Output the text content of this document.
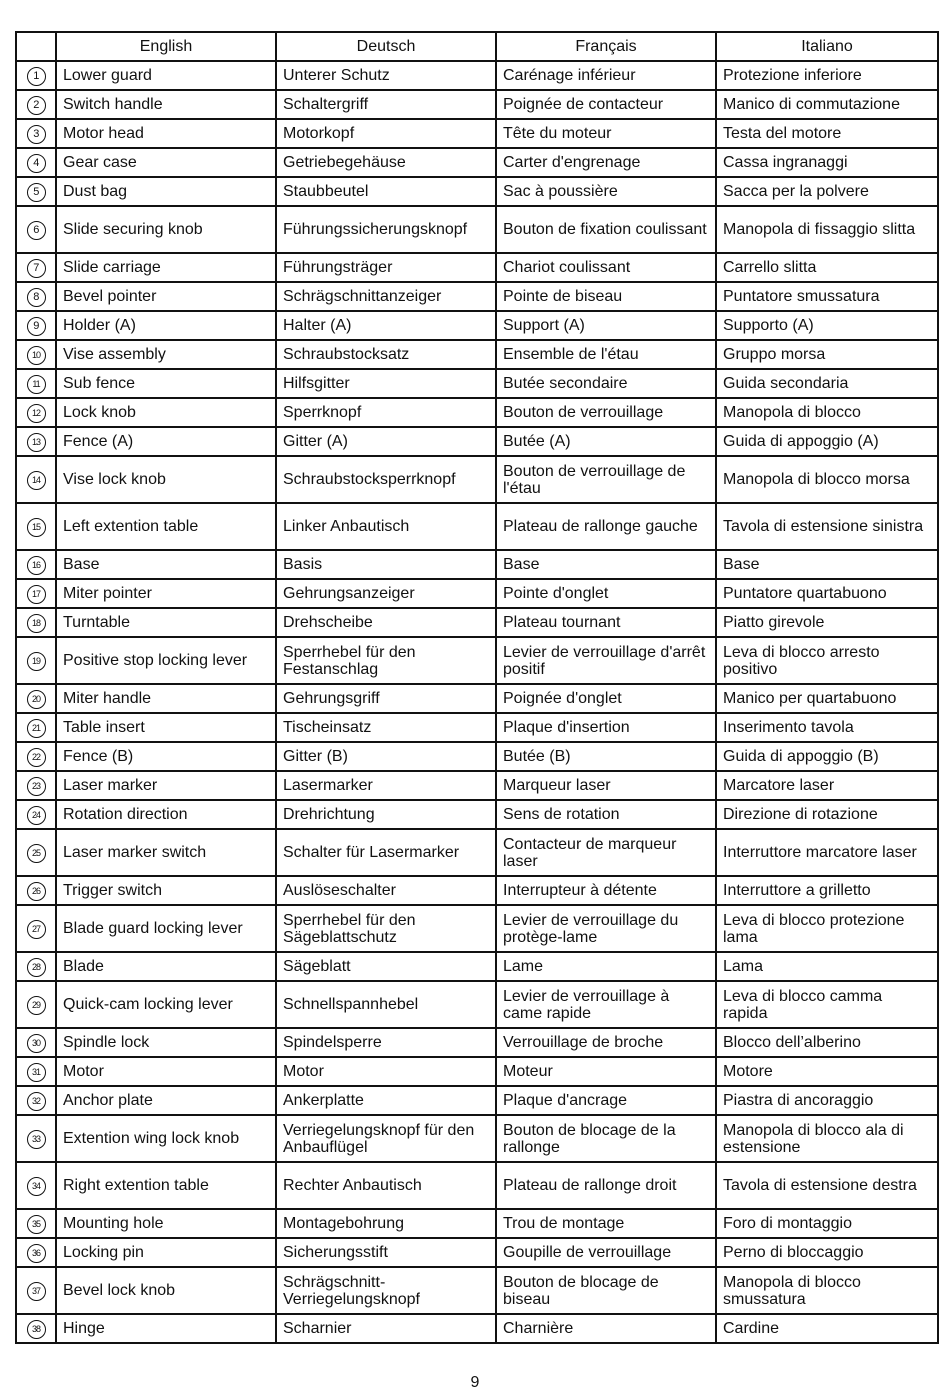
	English	Deutsch	Français	Italiano
1	Lower guard	Unterer Schutz	Carénage inférieur	Protezione inferiore
2	Switch handle	Schaltergriff	Poignée de contacteur	Manico di commutazione
3	Motor head	Motorkopf	Tête du moteur	Testa del motore
4	Gear case	Getriebegehäuse	Carter d'engrenage	Cassa ingranaggi
5	Dust bag	Staubbeutel	Sac à poussière	Sacca per la polvere
6	Slide securing knob	Führungssicherungsknopf	Bouton de fixation coulissant	Manopola di fissaggio slitta
7	Slide carriage	Führungsträger	Chariot coulissant	Carrello slitta
8	Bevel pointer	Schrägschnittanzeiger	Pointe de biseau	Puntatore smussatura
9	Holder (A)	Halter (A)	Support (A)	Supporto (A)
10	Vise assembly	Schraubstocksatz	Ensemble de l'étau	Gruppo morsa
11	Sub fence	Hilfsgitter	Butée secondaire	Guida secondaria
12	Lock knob	Sperrknopf	Bouton de verrouillage	Manopola di blocco
13	Fence (A)	Gitter (A)	Butée (A)	Guida di appoggio (A)
14	Vise lock knob	Schraubstocksperrknopf	Bouton de verrouillage de l'étau	Manopola di blocco morsa
15	Left extention table	Linker Anbautisch	Plateau de rallonge gauche	Tavola di estensione sinistra
16	Base	Basis	Base	Base
17	Miter pointer	Gehrungsanzeiger	Pointe d'onglet	Puntatore quartabuono
18	Turntable	Drehscheibe	Plateau tournant	Piatto girevole
19	Positive stop locking lever	Sperrhebel für den Festanschlag	Levier de verrouillage d'arrêt positif	Leva di blocco arresto positivo
20	Miter handle	Gehrungsgriff	Poignée d'onglet	Manico per quartabuono
21	Table insert	Tischeinsatz	Plaque d'insertion	Inserimento tavola
22	Fence (B)	Gitter (B)	Butée (B)	Guida di appoggio (B)
23	Laser marker	Lasermarker	Marqueur laser	Marcatore laser
24	Rotation direction	Drehrichtung	Sens de rotation	Direzione di rotazione
25	Laser marker switch	Schalter für Lasermarker	Contacteur de marqueur laser	Interruttore marcatore laser
26	Trigger switch	Auslöseschalter	Interrupteur à détente	Interruttore a grilletto
27	Blade guard locking lever	Sperrhebel für den Sägeblattschutz	Levier de verrouillage du protège-lame	Leva di blocco protezione lama
28	Blade	Sägeblatt	Lame	Lama
29	Quick-cam locking lever	Schnellspannhebel	Levier de verrouillage à came rapide	Leva di blocco camma rapida
30	Spindle lock	Spindelsperre	Verrouillage de broche	Blocco dell’alberino
31	Motor	Motor	Moteur	Motore
32	Anchor plate	Ankerplatte	Plaque d'ancrage	Piastra di ancoraggio
33	Extention wing lock knob	Verriegelungsknopf für den Anbauflügel	Bouton de blocage de la rallonge	Manopola di blocco ala di estensione
34	Right extention table	Rechter Anbautisch	Plateau de rallonge droit	Tavola di estensione destra
35	Mounting hole	Montagebohrung	Trou de montage	Foro di montaggio
36	Locking pin	Sicherungsstift	Goupille de verrouillage	Perno di bloccaggio
37	Bevel lock knob	Schrägschnitt-Verriegelungsknopf	Bouton de blocage de biseau	Manopola di blocco smussatura
38	Hinge	Scharnier	Charnière	Cardine
9
